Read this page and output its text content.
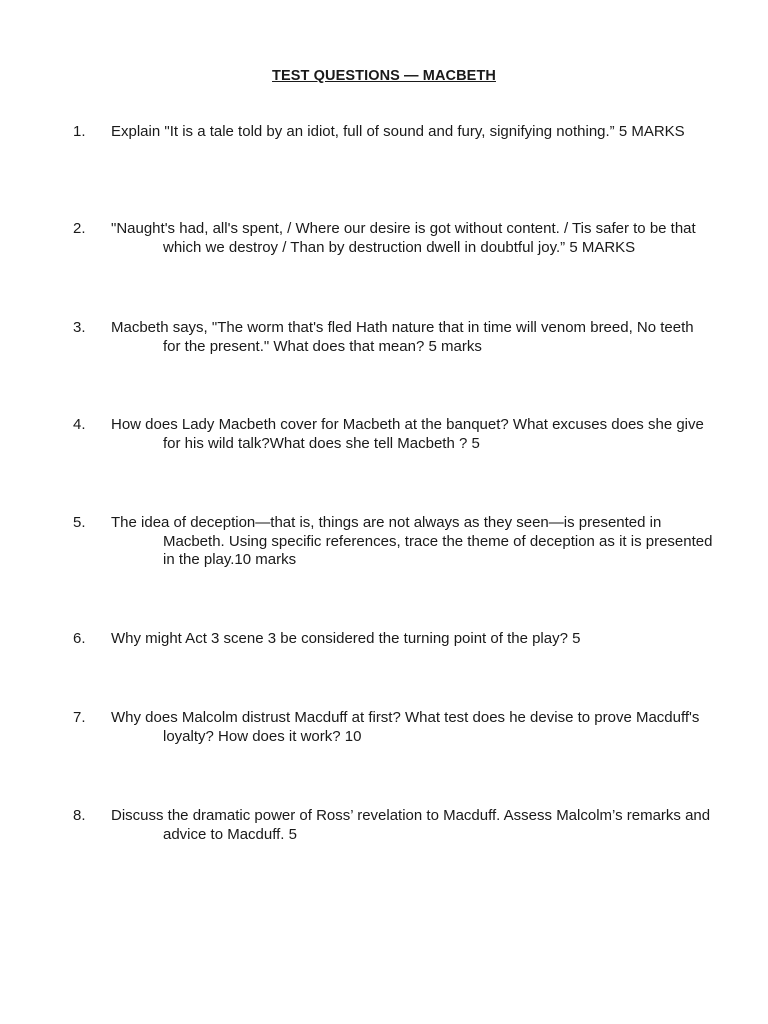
TEST QUESTIONS — MACBETH
1.	Explain "It is a tale told by an idiot, full of sound and fury, signifying nothing.” 5 MARKS
2.	"Naught's had, all's spent, / Where our desire is got without content. / Tis safer to be that which we destroy / Than by destruction dwell in doubtful joy.” 5 MARKS
3.	Macbeth says, "The worm that's fled Hath nature that in time will venom breed, No teeth for the present." What does that mean? 5 marks
4.	How does Lady Macbeth cover for Macbeth at the banquet? What excuses does she give for his wild talk?What does she tell Macbeth ? 5
5.	The idea of deception—that is, things are not always as they seen—is presented in Macbeth. Using specific references, trace the theme of deception as it is presented in the play.10 marks
6.	Why might Act 3 scene 3 be considered the turning point of the play? 5
7.	Why does Malcolm distrust Macduff at first? What test does he devise to prove Macduff's loyalty? How does it work? 10
8.	Discuss the dramatic power of Ross’ revelation to Macduff. Assess Malcolm’s remarks and advice to Macduff. 5
